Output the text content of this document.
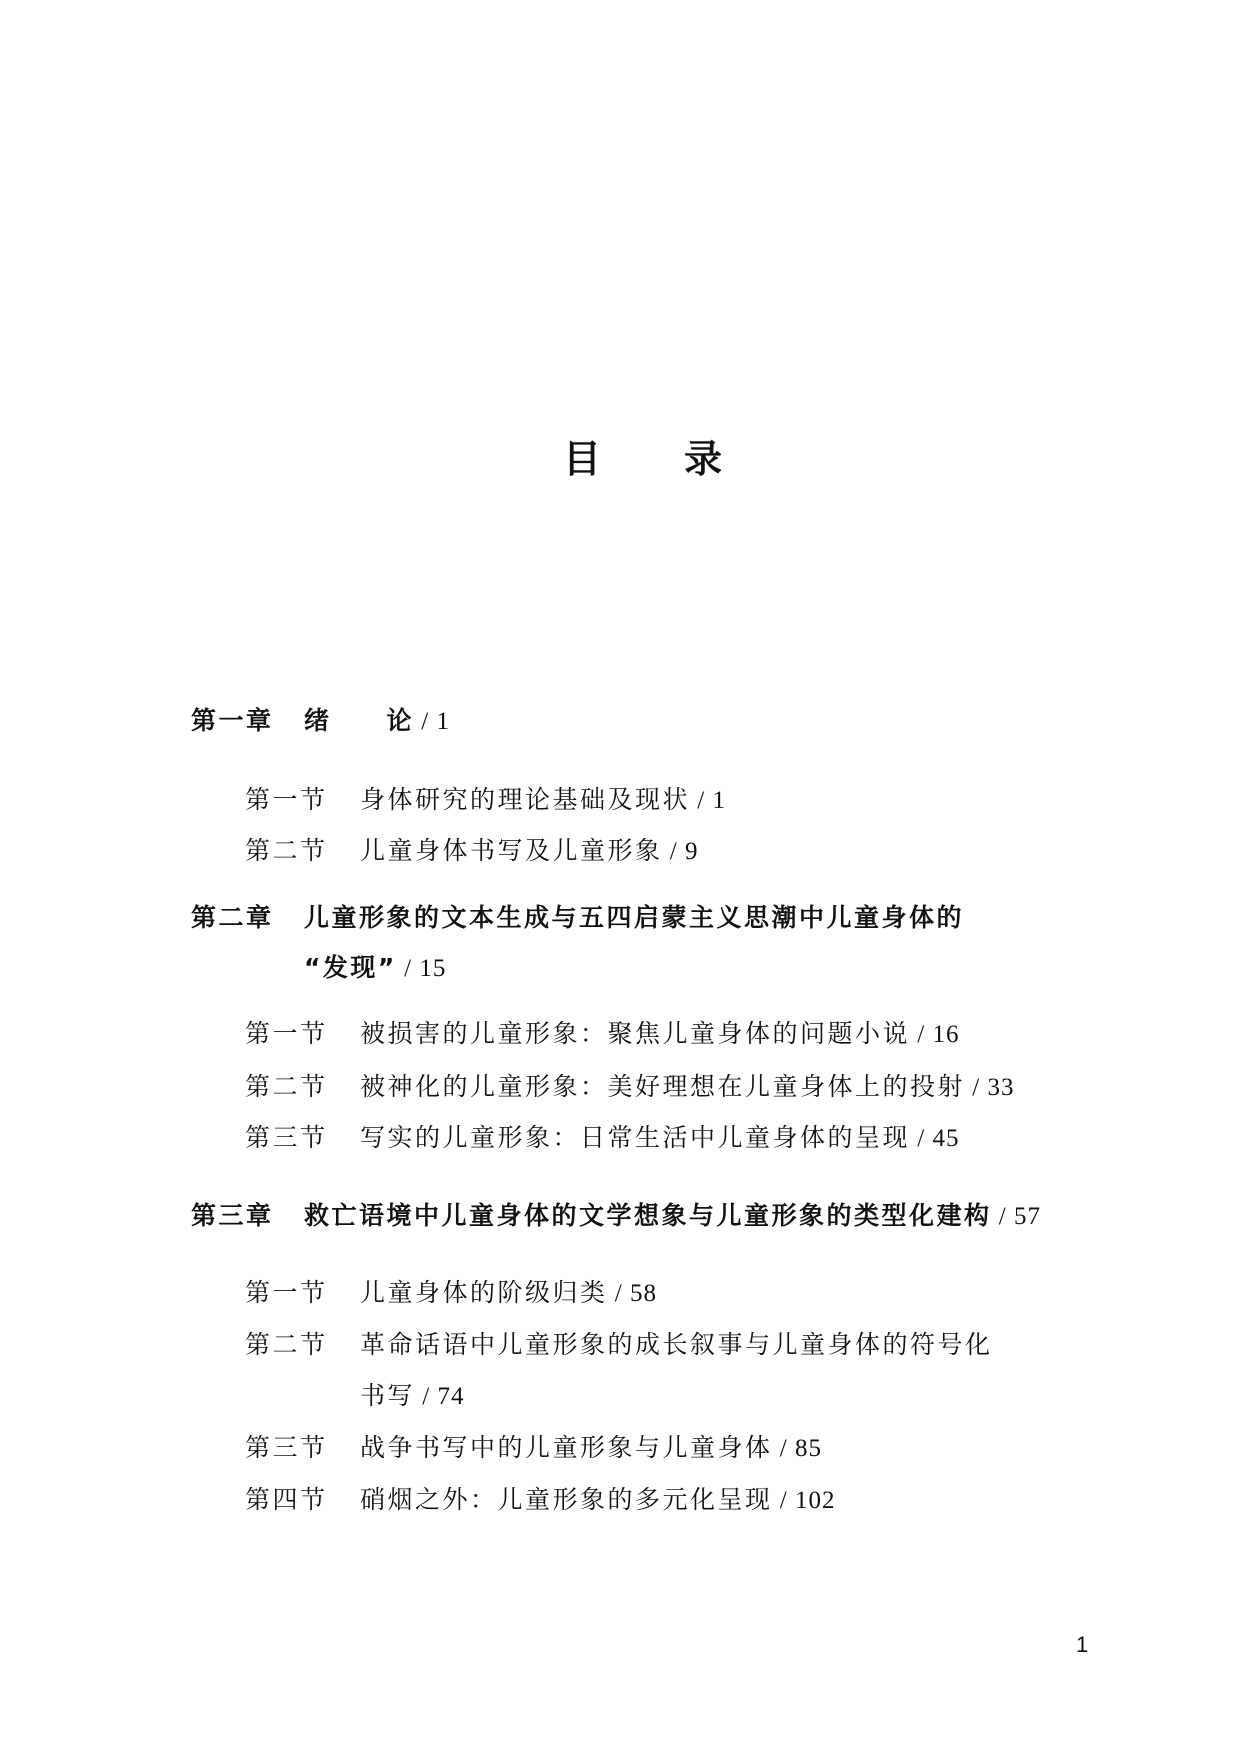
目 录
第一章 绪　　论 / 1
第一节 身体研究的理论基础及现状 / 1
第二节 儿童身体书写及儿童形象 / 9
第二章 儿童形象的文本生成与五四启蒙主义思潮中儿童身体的
“发现” / 15
第一节 被损害的儿童形象：聚焦儿童身体的问题小说 / 16
第二节 被神化的儿童形象：美好理想在儿童身体上的投射 / 33
第三节 写实的儿童形象：日常生活中儿童身体的呈现 / 45
第三章 救亡语境中儿童身体的文学想象与儿童形象的类型化建构 / 57
第一节 儿童身体的阶级归类 / 58
第二节 革命话语中儿童形象的成长叙事与儿童身体的符号化
书写 / 74
第三节 战争书写中的儿童形象与儿童身体 / 85
第四节 硝烟之外：儿童形象的多元化呈现 / 102
1
